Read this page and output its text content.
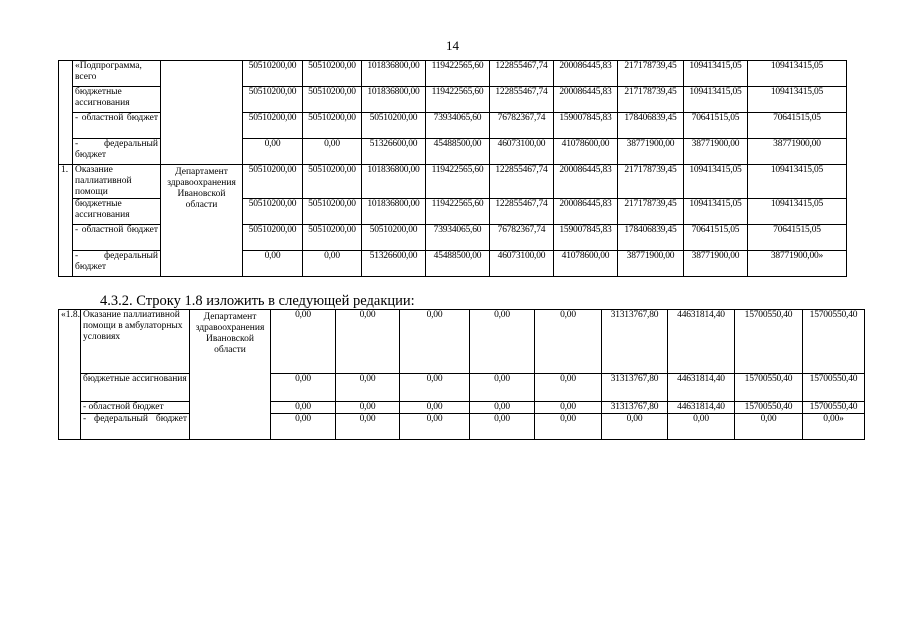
14
	«Подпрограмма, всего		50510200,00	50510200,00	101836800,00	119422565,60	122855467,74	200086445,83	217178739,45	109413415,05	109413415,05
	бюджетные ассигнования		50510200,00	50510200,00	101836800,00	119422565,60	122855467,74	200086445,83	217178739,45	109413415,05	109413415,05
	- областной бюджет		50510200,00	50510200,00	50510200,00	73934065,60	76782367,74	159007845,83	178406839,45	70641515,05	70641515,05
	- федеральный бюджет		0,00	0,00	51326600,00	45488500,00	46073100,00	41078600,00	38771900,00	38771900,00	38771900,00
1.	Оказание паллиативной помощи	Департамент здравоохранения Ивановской области	50510200,00	50510200,00	101836800,00	119422565,60	122855467,74	200086445,83	217178739,45	109413415,05	109413415,05
	бюджетные ассигнования		50510200,00	50510200,00	101836800,00	119422565,60	122855467,74	200086445,83	217178739,45	109413415,05	109413415,05
	- областной бюджет		50510200,00	50510200,00	50510200,00	73934065,60	76782367,74	159007845,83	178406839,45	70641515,05	70641515,05
	- федеральный бюджет		0,00	0,00	51326600,00	45488500,00	46073100,00	41078600,00	38771900,00	38771900,00	38771900,00»
4.3.2. Строку 1.8 изложить в следующей редакции:
«1.8.	Оказание паллиативной помощи в амбулаторных условиях	Департамент здравоохранения Ивановской области	0,00	0,00	0,00	0,00	0,00	31313767,80	44631814,40	15700550,40	15700550,40
	бюджетные ассигнования		0,00	0,00	0,00	0,00	0,00	31313767,80	44631814,40	15700550,40	15700550,40
	- областной бюджет		0,00	0,00	0,00	0,00	0,00	31313767,80	44631814,40	15700550,40	15700550,40
	- федеральный бюджет		0,00	0,00	0,00	0,00	0,00	0,00	0,00	0,00	0,00»
